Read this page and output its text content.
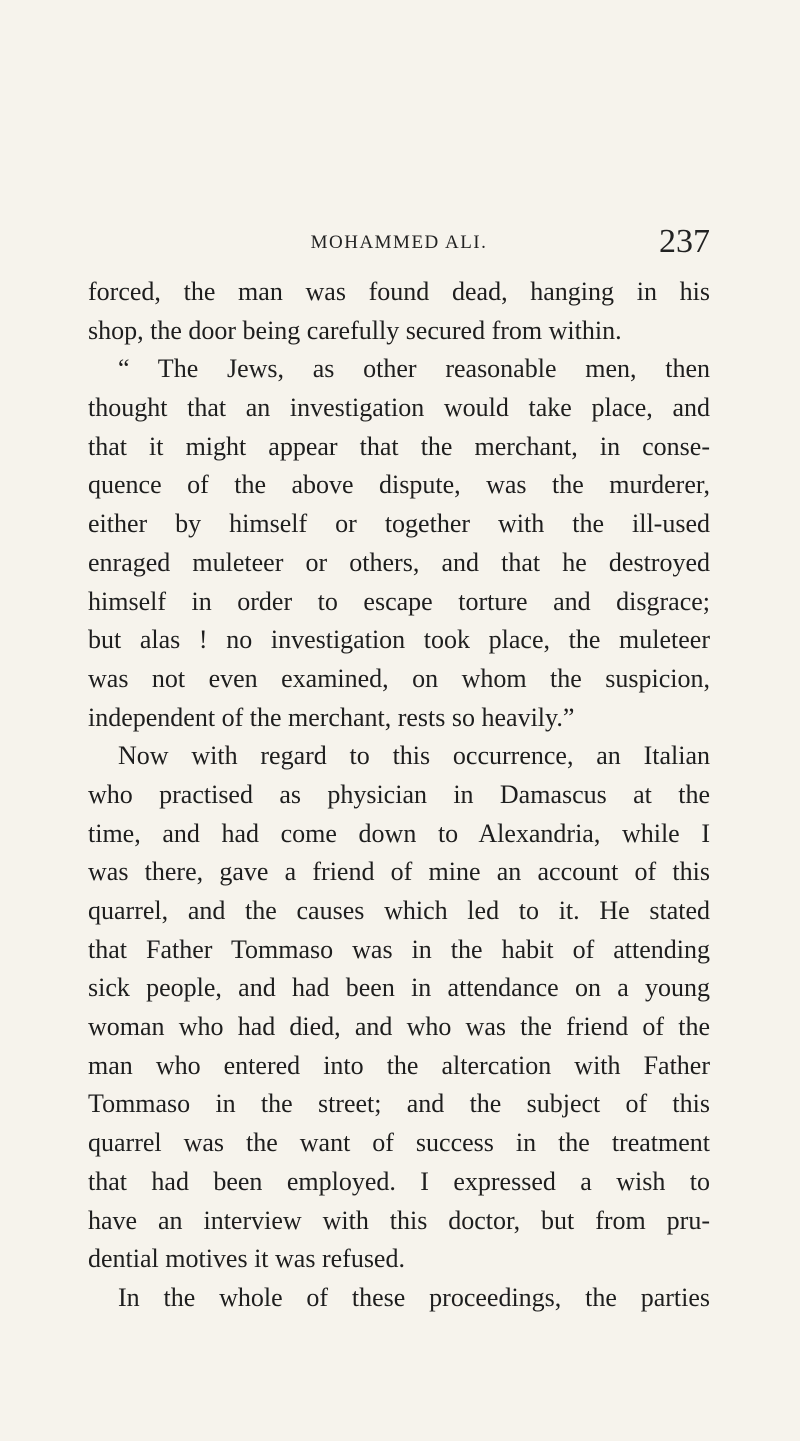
MOHAMMED ALI.	237
forced, the man was found dead, hanging in his
shop, the door being carefully secured from within.
“ The Jews, as other reasonable men, then
thought that an investigation would take place, and
that it might appear that the merchant, in conse-
quence of the above dispute, was the murderer,
either by himself or together with the ill-used
enraged muleteer or others, and that he destroyed
himself in order to escape torture and disgrace;
but alas ! no investigation took place, the muleteer
was not even examined, on whom the suspicion,
independent of the merchant, rests so heavily.”
Now with regard to this occurrence, an Italian
who practised as physician in Damascus at the
time, and had come down to Alexandria, while I
was there, gave a friend of mine an account of this
quarrel, and the causes which led to it. He stated
that Father Tommaso was in the habit of attending
sick people, and had been in attendance on a young
woman who had died, and who was the friend of the
man who entered into the altercation with Father
Tommaso in the street; and the subject of this
quarrel was the want of success in the treatment
that had been employed. I expressed a wish to
have an interview with this doctor, but from pru-
dential motives it was refused.
In the whole of these proceedings, the parties
